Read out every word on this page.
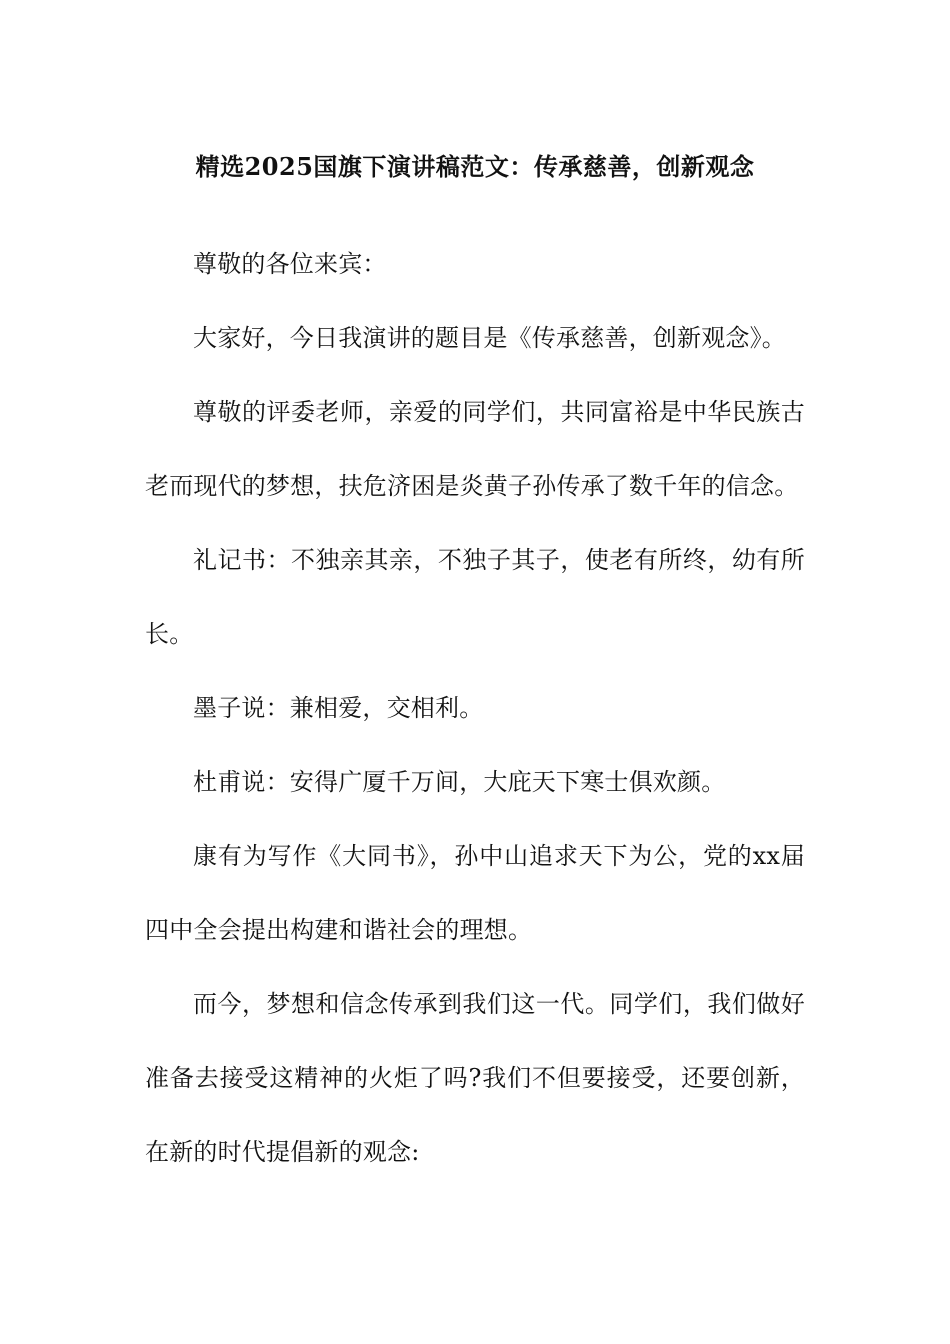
精选2025国旗下演讲稿范文：传承慈善，创新观念

尊敬的各位来宾：

大家好，今日我演讲的题目是《传承慈善，创新观念》。

尊敬的评委老师，亲爱的同学们，共同富裕是中华民族古老而现代的梦想，扶危济困是炎黄子孙传承了数千年的信念。

礼记书：不独亲其亲，不独子其子，使老有所终，幼有所长。

墨子说：兼相爱，交相利。

杜甫说：安得广厦千万间，大庇天下寒士俱欢颜。

康有为写作《大同书》，孙中山追求天下为公，党的xx届四中全会提出构建和谐社会的理想。

而今，梦想和信念传承到我们这一代。同学们，我们做好准备去接受这精神的火炬了吗?我们不但要接受，还要创新，在新的时代提倡新的观念:
